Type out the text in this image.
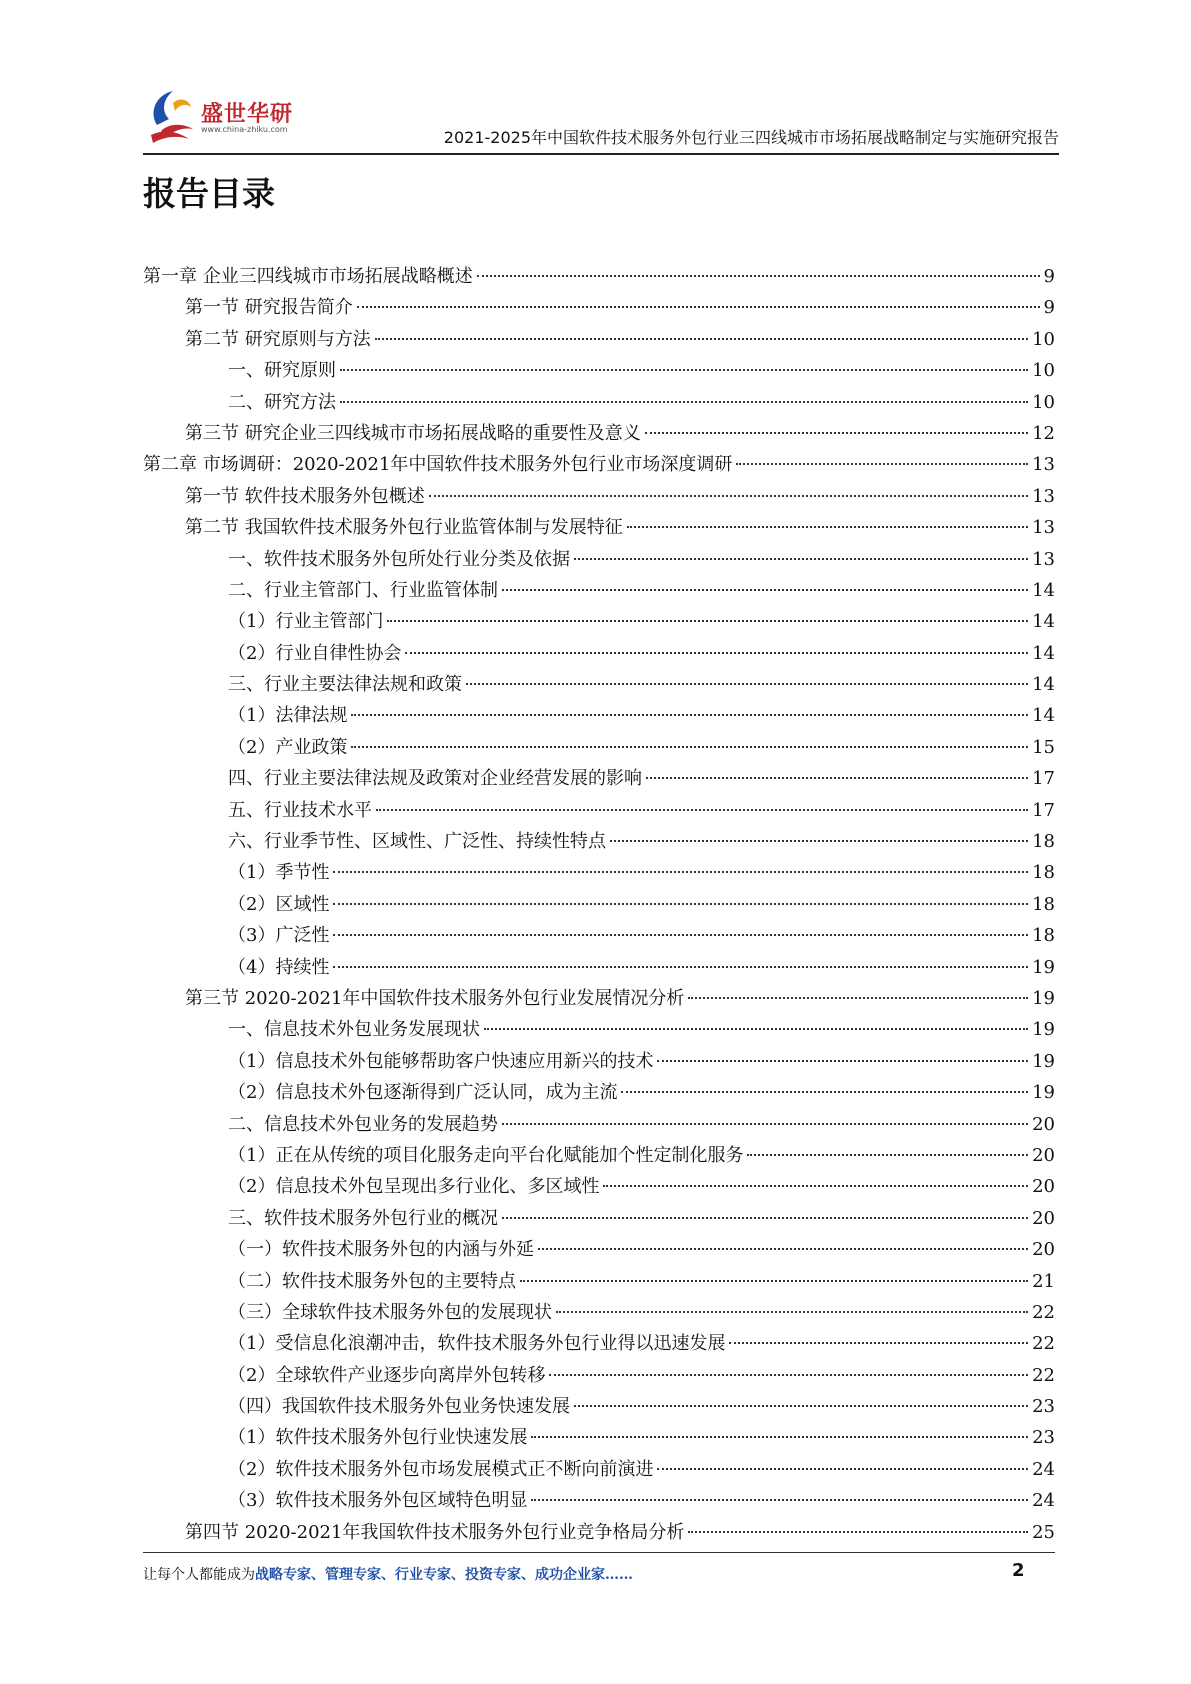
盛世华研
www.china-zhiku.com	2021-2025年中国软件技术服务外包行业三四线城市市场拓展战略制定与实施研究报告
报告目录
第一章 企业三四线城市市场拓展战略概述	9
第一节 研究报告简介	9
第二节 研究原则与方法	10
一、研究原则	10
二、研究方法	10
第三节 研究企业三四线城市市场拓展战略的重要性及意义	12
第二章 市场调研：2020-2021年中国软件技术服务外包行业市场深度调研	13
第一节 软件技术服务外包概述	13
第二节 我国软件技术服务外包行业监管体制与发展特征	13
一、软件技术服务外包所处行业分类及依据	13
二、行业主管部门、行业监管体制	14
（1）行业主管部门	14
（2）行业自律性协会	14
三、行业主要法律法规和政策	14
（1）法律法规	14
（2）产业政策	15
四、行业主要法律法规及政策对企业经营发展的影响	17
五、行业技术水平	17
六、行业季节性、区域性、广泛性、持续性特点	18
（1）季节性	18
（2）区域性	18
（3）广泛性	18
（4）持续性	19
第三节 2020-2021年中国软件技术服务外包行业发展情况分析	19
一、信息技术外包业务发展现状	19
（1）信息技术外包能够帮助客户快速应用新兴的技术	19
（2）信息技术外包逐渐得到广泛认同，成为主流	19
二、信息技术外包业务的发展趋势	20
（1）正在从传统的项目化服务走向平台化赋能加个性定制化服务	20
（2）信息技术外包呈现出多行业化、多区域性	20
三、软件技术服务外包行业的概况	20
（一）软件技术服务外包的内涵与外延	20
（二）软件技术服务外包的主要特点	21
（三）全球软件技术服务外包的发展现状	22
（1）受信息化浪潮冲击，软件技术服务外包行业得以迅速发展	22
（2）全球软件产业逐步向离岸外包转移	22
（四）我国软件技术服务外包业务快速发展	23
（1）软件技术服务外包行业快速发展	23
（2）软件技术服务外包市场发展模式正不断向前演进	24
（3）软件技术服务外包区域特色明显	24
第四节 2020-2021年我国软件技术服务外包行业竞争格局分析	25
让每个人都能成为战略专家、管理专家、行业专家、投资专家、成功企业家……	2
